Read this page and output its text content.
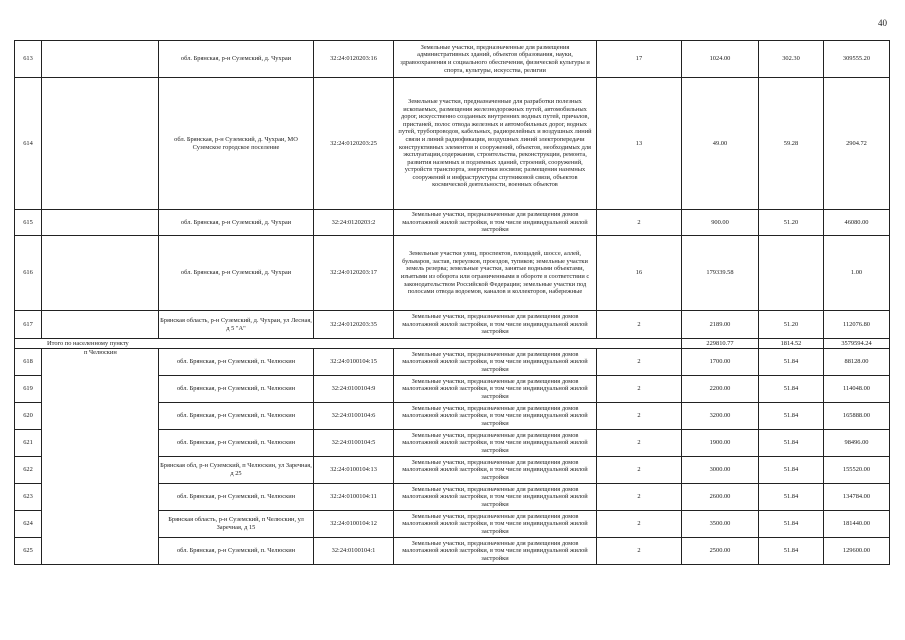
40
613		обл. Брянская, р-н Суземский, д. Чухраи	32:24:0120203:16	Земельные участки, предназначенные для размещения административных зданий, объектов образования, науки, здравоохранения и социального обеспечения, физической культуры и спорта, культуры, искусства, религии	17	1024.00	302.30	309555.20
614		обл. Брянская, р-н Суземский, д. Чухраи, МО Суземское городское поселение	32:24:0120203:25	Земельные участки, предназначенные для разработки полезных ископаемых, размещения железнодорожных путей, автомобильных дорог, искусственно созданных внутренних водных путей, причалов, пристаней, полос отвода железных и автомобильных дорог, водных путей, трубопроводов, кабельных, радиорелейных и воздушных линий связи и линий радиофикации, воздушных линий электропередачи конструктивных элементов и сооружений, объектов, необходимых для эксплуатации,содержания, строительства, реконструкции, ремонта, развития наземных и подземных зданий, строений, сооружений, устройств транспорта, энергетики иосвязи; размещения наземных сооружений и инфраструктуры спутниковой связи, объектов космической деятельности, военных объектов	13	49.00	59.28	2904.72
615		обл. Брянская, р-н Суземский, д. Чухраи	32:24:0120203:2	Земельные участки, предназначенные для размещения домов малоэтажной жилой застройки, в том числе индивидуальной жилой застройки	2	900.00	51.20	46080.00
616		обл. Брянская, р-н Суземский, д. Чухраи	32:24:0120203:17	Земельные участки улиц, проспектов, площадей, шоссе, аллей, бульваров, застав, переулков, проездов, тупиков; земельные участки земель резерва; земельные участки, занятые водными объектами, изъятыми из оборота или ограниченными в обороте в соответствии с законодательством Российской Федерации; земельные участки под полосами отвода водоемов, каналов и коллекторов, набережные	16	179339.58		1.00
617		Брянская область, р-н Суземский, д. Чухраи, ул Лесная, д 5 "А"	32:24:0120203:35	Земельные участки, предназначенные для размещения домов малоэтажной жилой застройки, в том числе индивидуальной жилой застройки	2	2189.00	51.20	112076.80
Итого по населенному пункту						229810.77	1814.52	3579594.24
618	п Челюскин	обл. Брянская, р-н Суземский, п. Челюскин	32:24:0100104:15	Земельные участки, предназначенные для размещения домов малоэтажной жилой застройки, в том числе индивидуальной жилой застройки	2	1700.00	51.84	88128.00
619		обл. Брянская, р-н Суземский, п. Челюскин	32:24:0100104:9	Земельные участки, предназначенные для размещения домов малоэтажной жилой застройки, в том числе индивидуальной жилой застройки	2	2200.00	51.84	114048.00
620		обл. Брянская, р-н Суземский, п. Челюскин	32:24:0100104:6	Земельные участки, предназначенные для размещения домов малоэтажной жилой застройки, в том числе индивидуальной жилой застройки	2	3200.00	51.84	165888.00
621		обл. Брянская, р-н Суземский, п. Челюскин	32:24:0100104:5	Земельные участки, предназначенные для размещения домов малоэтажной жилой застройки, в том числе индивидуальной жилой застройки	2	1900.00	51.84	98496.00
622		Брянская обл, р-н Суземский, п Челюскин, ул Заречная, д 25	32:24:0100104:13	Земельные участки, предназначенные для размещения домов малоэтажной жилой застройки, в том числе индивидуальной жилой застройки	2	3000.00	51.84	155520.00
623		обл. Брянская, р-н Суземский, п. Челюскин	32:24:0100104:11	Земельные участки, предназначенные для размещения домов малоэтажной жилой застройки, в том числе индивидуальной жилой застройки	2	2600.00	51.84	134784.00
624		Брянская область, р-н Суземский, п Челюскин, ул Заречная, д 15	32:24:0100104:12	Земельные участки, предназначенные для размещения домов малоэтажной жилой застройки, в том числе индивидуальной жилой застройки	2	3500.00	51.84	181440.00
625		обл. Брянская, р-н Суземский, п. Челюскин	32:24:0100104:1	Земельные участки, предназначенные для размещения домов малоэтажной жилой застройки, в том числе индивидуальной жилой застройки	2	2500.00	51.84	129600.00
